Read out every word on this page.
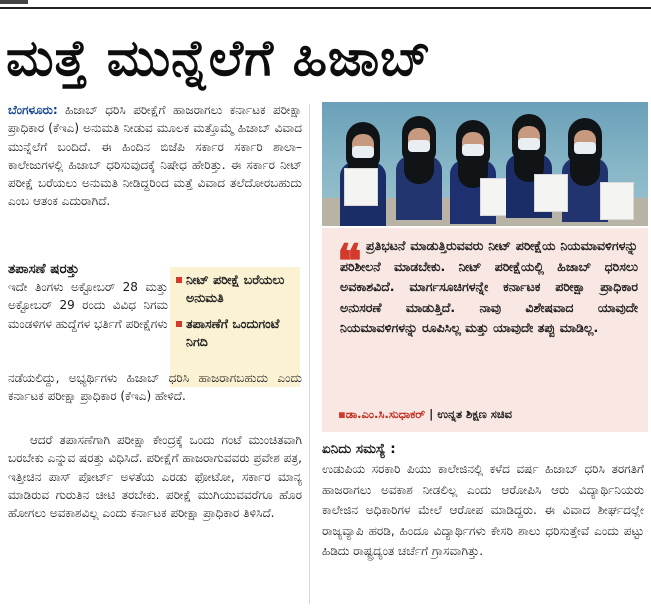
ಮತ್ತೆ ಮುನ್ನೆಲೆಗೆ ಹಿಜಾಬ್

ಬೆಂಗಳೂರು: ಹಿಜಾಬ್ ಧರಿಸಿ ಪರೀಕ್ಷೆಗೆ ಹಾಜರಾಗಲು ಕರ್ನಾಟಕ ಪರೀಕ್ಷಾ ಪ್ರಾಧಿಕಾರ (ಕೆಇಎ) ಅನುಮತಿ ನೀಡುವ ಮೂಲಕ ಮತ್ತೊಮ್ಮೆ ಹಿಜಾಬ್ ವಿವಾದ ಮುನ್ನೆಲೆಗೆ ಬಂದಿದೆ. ಈ ಹಿಂದಿನ ಬಿಜೆಪಿ ಸರ್ಕಾರ ಸರ್ಕಾರಿ ಶಾಲಾ–ಕಾಲೇಜುಗಳಲ್ಲಿ ಹಿಜಾಬ್ ಧರಿಸುವುದಕ್ಕೆ ನಿಷೇಧ ಹೇರಿತ್ತು. ಈ ಸರ್ಕಾರ ನೀಟ್ ಪರೀಕ್ಷೆ ಬರೆಯಲು ಅನುಮತಿ ನೀಡಿದ್ದರಿಂದ ಮತ್ತೆ ವಿವಾದ ತಲೆದೋರಬಹುದು ಎಂಬ ಆತಂಕ ಎದುರಾಗಿದೆ.

ತಪಾಸಣೆ ಷರತ್ತು

ಇದೇ ತಿಂಗಳು ಅಕ್ಟೋಬರ್ 28 ಮತ್ತು ಅಕ್ಟೋಬರ್ 29 ರಂದು ವಿವಿಧ ನಿಗಮ ಮಂಡಳಿಗಳ ಹುದ್ದೆಗಳ ಭರ್ತಿಗೆ ಪರೀಕ್ಷೆಗಳು

ನೀಟ್ ಪರೀಕ್ಷೆ ಬರೆಯಲು ಅನುಮತಿ
ತಪಾಸಣೆಗೆ ಒಂದುಗಂಟೆ ನಿಗದಿ

ನಡೆಯಲಿದ್ದು, ಅಭ್ಯರ್ಥಿಗಳು ಹಿಜಾಬ್ ಧರಿಸಿ ಹಾಜರಾಗಬಹುದು ಎಂದು ಕರ್ನಾಟಕ ಪರೀಕ್ಷಾ ಪ್ರಾಧಿಕಾರ (ಕೆಇಎ) ಹೇಳಿದೆ.

ಆದರೆ ತಪಾಸಣೆಗಾಗಿ ಪರೀಕ್ಷಾ ಕೇಂದ್ರಕ್ಕೆ ಒಂದು ಗಂಟೆ ಮುಂಚಿತವಾಗಿ ಬರಬೇಕು ಎನ್ನುವ ಷರತ್ತು ವಿಧಿಸಿದೆ. ಪರೀಕ್ಷೆಗೆ ಹಾಜರಾಗುವವರು ಪ್ರವೇಶ ಪತ್ರ, ಇತ್ತೀಚಿನ ಪಾಸ್ ಪೋರ್ಟ್ ಅಳತೆಯ ಎರಡು ಫೋಟೋ, ಸರ್ಕಾರ ಮಾನ್ಯ ಮಾಡಿರುವ ಗುರುತಿನ ಚೀಟಿ ತರಬೇಕು. ಪರೀಕ್ಷೆ ಮುಗಿಯುವವರೆಗೂ ಹೊರ ಹೋಗಲು ಅವಕಾಶವಿಲ್ಲ ಎಂದು ಕರ್ನಾಟಕ ಪರೀಕ್ಷಾ ಪ್ರಾಧಿಕಾರ ತಿಳಿಸಿದೆ.

❝ ಪ್ರತಿಭಟನೆ ಮಾಡುತ್ತಿರುವವರು ನೀಟ್ ಪರೀಕ್ಷೆಯ ನಿಯಮಾವಳಿಗಳನ್ನು ಪರಿಶೀಲನೆ ಮಾಡಬೇಕು. ನೀಟ್ ಪರೀಕ್ಷೆಯಲ್ಲಿ ಹಿಜಾಬ್ ಧರಿಸಲು ಅವಕಾಶವಿದೆ. ಮಾರ್ಗಸೂಚಿಗಳನ್ನೇ ಕರ್ನಾಟಕ ಪರೀಕ್ಷಾ ಪ್ರಾಧಿಕಾರ ಅನುಸರಣೆ ಮಾಡುತ್ತಿದೆ. ನಾವು ವಿಶೇಷವಾದ ಯಾವುದೇ ನಿಯಮಾವಳಿಗಳನ್ನು ರೂಪಿಸಿಲ್ಲ ಮತ್ತು ಯಾವುದೇ ತಪ್ಪು ಮಾಡಿಲ್ಲ.

▪ಡಾ.ಎಂ.ಸಿ.ಸುಧಾಕರ್ | ಉನ್ನತ ಶಿಕ್ಷಣ ಸಚಿವ
ಏನಿದು ಸಮಸ್ಯೆ :

ಉಡುಪಿಯ ಸರಕಾರಿ ಪಿಯು ಕಾಲೇಜಿನಲ್ಲಿ ಕಳೆದ ವರ್ಷ ಹಿಜಾಬ್ ಧರಿಸಿ ತರಗತಿಗೆ ಹಾಜರಾಗಲು ಅವಕಾಶ ನೀಡಲಿಲ್ಲ ಎಂದು ಆರೋಪಿಸಿ ಆರು ವಿದ್ಯಾರ್ಥಿನಿಯರು ಕಾಲೇಜಿನ ಅಧಿಕಾರಿಗಳ ಮೇಲೆ ಆರೋಪ ಮಾಡಿದ್ದರು. ಈ ವಿವಾದ ಶೀರ್ಘದಲ್ಲೇ ರಾಜ್ಯವ್ಯಾಪಿ ಹರಡಿ, ಹಿಂದೂ ವಿದ್ಯಾರ್ಥಿಗಳು ಕೇಸರಿ ಶಾಲು ಧರಿಸುತ್ತೇವೆ ಎಂದು ಪಟ್ಟು ಹಿಡಿದು ರಾಷ್ಟ್ರದ್ಯಂತ ಚರ್ಚೆಗೆ ಗ್ರಾಸವಾಗಿತ್ತು.
